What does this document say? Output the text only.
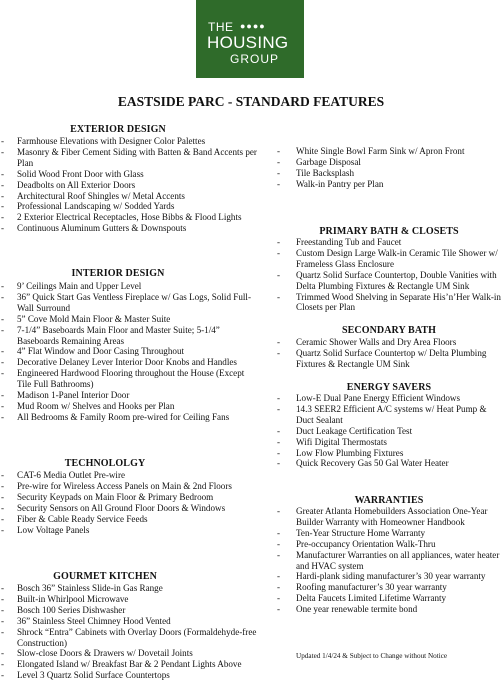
THE ●●●●
HOUSING
GROUP
EASTSIDE PARC - STANDARD FEATURES
EXTERIOR DESIGN
- Farmhouse Elevations with Designer Color Palettes
- Masonry & Fiber Cement Siding with Batten & Band Accents per Plan
- Solid Wood Front Door with Glass
- Deadbolts on All Exterior Doors
- Architectural Roof Shingles w/ Metal Accents
- Professional Landscaping w/ Sodded Yards
- 2 Exterior Electrical Receptacles, Hose Bibbs & Flood Lights
- Continuous Aluminum Gutters & Downspouts
INTERIOR DESIGN
- 9’ Ceilings Main and Upper Level
- 36” Quick Start Gas Ventless Fireplace w/ Gas Logs, Solid Full-Wall Surround
- 5” Cove Mold Main Floor & Master Suite
- 7-1/4” Baseboards Main Floor and Master Suite; 5-1/4” Baseboards Remaining Areas
- 4” Flat Window and Door Casing Throughout
- Decorative Delaney Lever Interior Door Knobs and Handles
- Engineered Hardwood Flooring throughout the House (Except Tile Full Bathrooms)
- Madison 1-Panel Interior Door
- Mud Room w/ Shelves and Hooks per Plan
- All Bedrooms & Family Room pre-wired for Ceiling Fans
TECHNOLOLGY
- CAT-6 Media Outlet Pre-wire
- Pre-wire for Wireless Access Panels on Main & 2nd Floors
- Security Keypads on Main Floor & Primary Bedroom
- Security Sensors on All Ground Floor Doors & Windows
- Fiber & Cable Ready Service Feeds
- Low Voltage Panels
GOURMET KITCHEN
- Bosch 36” Stainless Slide-in Gas Range
- Built-in Whirlpool Microwave
- Bosch 100 Series Dishwasher
- 36” Stainless Steel Chimney Hood Vented
- Shrock “Entra” Cabinets with Overlay Doors (Formaldehyde-free Construction)
- Slow-close Doors & Drawers w/ Dovetail Joints
- Elongated Island w/ Breakfast Bar & 2 Pendant Lights Above
- Level 3 Quartz Solid Surface Countertops
- White Single Bowl Farm Sink w/ Apron Front
- Garbage Disposal
- Tile Backsplash
- Walk-in Pantry per Plan
PRIMARY BATH & CLOSETS
- Freestanding Tub and Faucet
- Custom Design Large Walk-in Ceramic Tile Shower w/ Frameless Glass Enclosure
- Quartz Solid Surface Countertop, Double Vanities with Delta Plumbing Fixtures & Rectangle UM Sink
- Trimmed Wood Shelving in Separate His’n’Her Walk-in Closets per Plan
SECONDARY BATH
- Ceramic Shower Walls and Dry Area Floors
- Quartz Solid Surface Countertop w/ Delta Plumbing Fixtures & Rectangle UM Sink
ENERGY SAVERS
- Low-E Dual Pane Energy Efficient Windows
- 14.3 SEER2 Efficient A/C systems w/ Heat Pump & Duct Sealant
- Duct Leakage Certification Test
- Wifi Digital Thermostats
- Low Flow Plumbing Fixtures
- Quick Recovery Gas 50 Gal Water Heater
WARRANTIES
- Greater Atlanta Homebuilders Association One-Year Builder Warranty with Homeowner Handbook
- Ten-Year Structure Home Warranty
- Pre-occupancy Orientation Walk-Thru
- Manufacturer Warranties on all appliances, water heater and HVAC system
- Hardi-plank siding manufacturer’s 30 year warranty
- Roofing manufacturer’s 30 year warranty
- Delta Faucets Limited Lifetime Warranty
- One year renewable termite bond
Updated 1/4/24 & Subject to Change without Notice
